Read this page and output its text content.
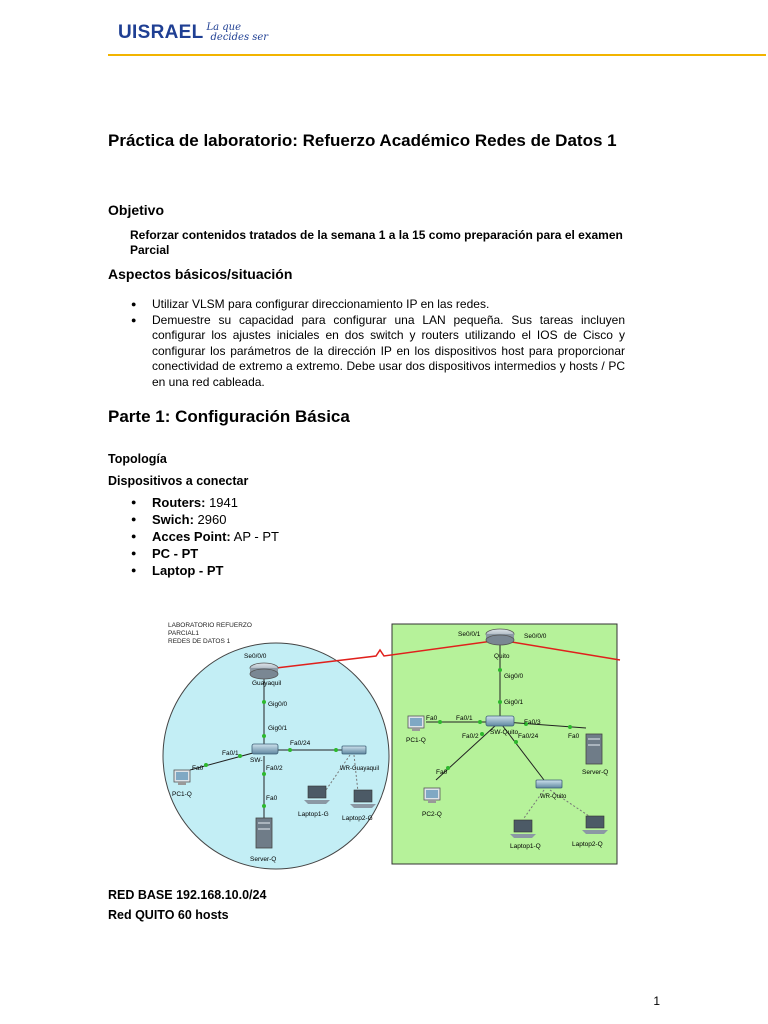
UISRAEL La que
decides ser
Práctica de laboratorio: Refuerzo Académico Redes de Datos 1
Objetivo
Reforzar contenidos tratados de la semana 1 a la 15 como preparación para el examen Parcial
Aspectos básicos/situación
● Utilizar VLSM para configurar direccionamiento IP en las redes.
● Demuestre su capacidad para configurar una LAN pequeña. Sus tareas incluyen configurar los ajustes iniciales en dos switch y routers utilizando el IOS de Cisco y configurar los parámetros de la dirección IP en los dispositivos host para proporcionar conectividad de extremo a extremo. Debe usar dos dispositivos intermedios y hosts / PC en una red cableada.
Parte 1: Configuración Básica
Topología
Dispositivos a conectar
● Routers: 1941
● Swich: 2960
● Acces Point: AP - PT
● PC - PT
● Laptop - PT
LABORATORIO REFUERZO
PARCIAL1
REDES DE DATOS 1
Se0/0/0
Guayaquil
Gig0/0
Gig0/1
SW-
Fa0/1
Fa0/24
Fa0/2	WR-Guayaquil
Fa0
PC1-Q
Laptop1-G
Laptop2-G
Fa0
Server-Q
Se0/0/1	Se0/0/0
Quito
Gig0/0
Gig0/1
SW-Quito
Fa0/1
Fa0/2
Fa0/3
Fa0/24
Fa0
PC1-Q
Fa0
PC2-Q
Fa0
Server-Q
WR-Quito
Laptop1-Q	Laptop2-Q
RED BASE 192.168.10.0/24
Red QUITO 60 hosts
1
